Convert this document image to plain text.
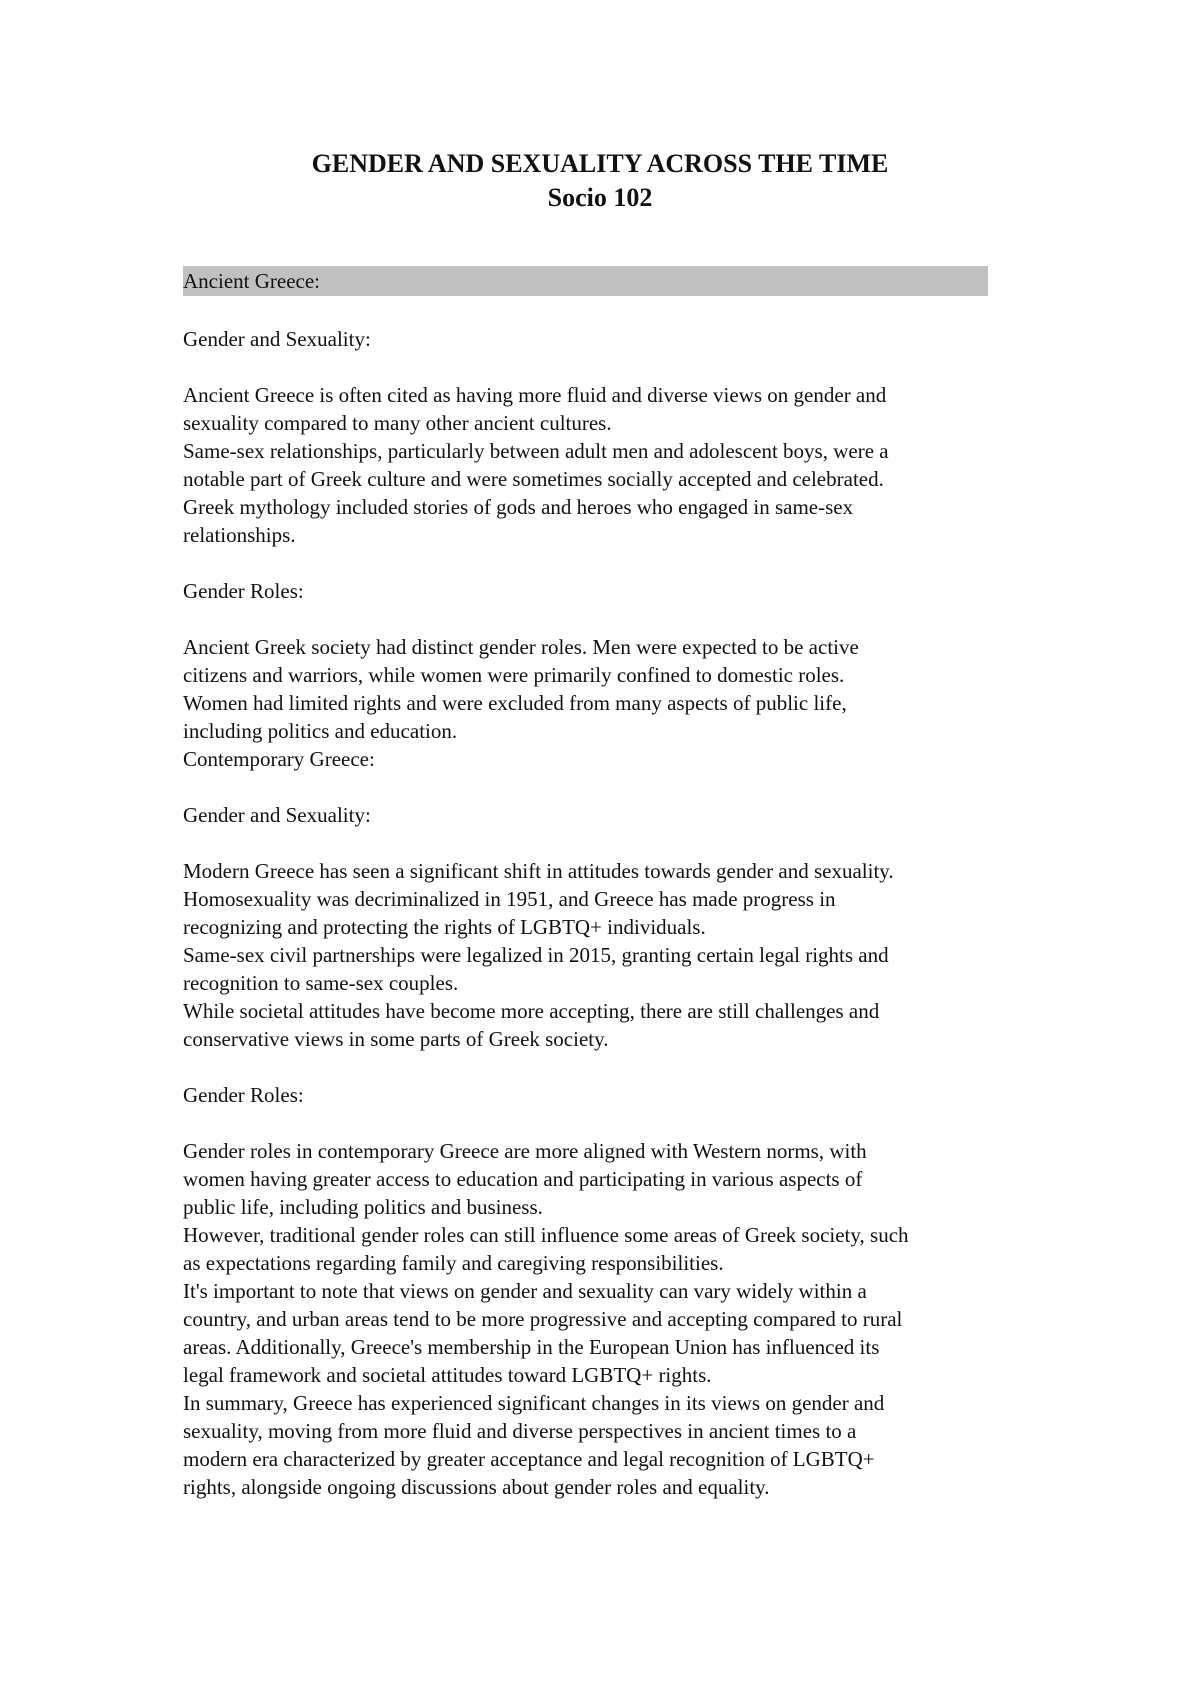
GENDER AND SEXUALITY ACROSS THE TIME
Socio 102
Ancient Greece:

Gender and Sexuality:

Ancient Greece is often cited as having more fluid and diverse views on gender and

sexuality compared to many other ancient cultures.

Same-sex relationships, particularly between adult men and adolescent boys, were a

notable part of Greek culture and were sometimes socially accepted and celebrated.

Greek mythology included stories of gods and heroes who engaged in same-sex

relationships.

Gender Roles:

Ancient Greek society had distinct gender roles. Men were expected to be active

citizens and warriors, while women were primarily confined to domestic roles.

Women had limited rights and were excluded from many aspects of public life,

including politics and education.

Contemporary Greece:

Gender and Sexuality:

Modern Greece has seen a significant shift in attitudes towards gender and sexuality.

Homosexuality was decriminalized in 1951, and Greece has made progress in

recognizing and protecting the rights of LGBTQ+ individuals.

Same-sex civil partnerships were legalized in 2015, granting certain legal rights and

recognition to same-sex couples.

While societal attitudes have become more accepting, there are still challenges and

conservative views in some parts of Greek society.

Gender Roles:

Gender roles in contemporary Greece are more aligned with Western norms, with

women having greater access to education and participating in various aspects of

public life, including politics and business.

However, traditional gender roles can still influence some areas of Greek society, such

as expectations regarding family and caregiving responsibilities.

It's important to note that views on gender and sexuality can vary widely within a

country, and urban areas tend to be more progressive and accepting compared to rural

areas. Additionally, Greece's membership in the European Union has influenced its

legal framework and societal attitudes toward LGBTQ+ rights.

In summary, Greece has experienced significant changes in its views on gender and

sexuality, moving from more fluid and diverse perspectives in ancient times to a

modern era characterized by greater acceptance and legal recognition of LGBTQ+

rights, alongside ongoing discussions about gender roles and equality.
